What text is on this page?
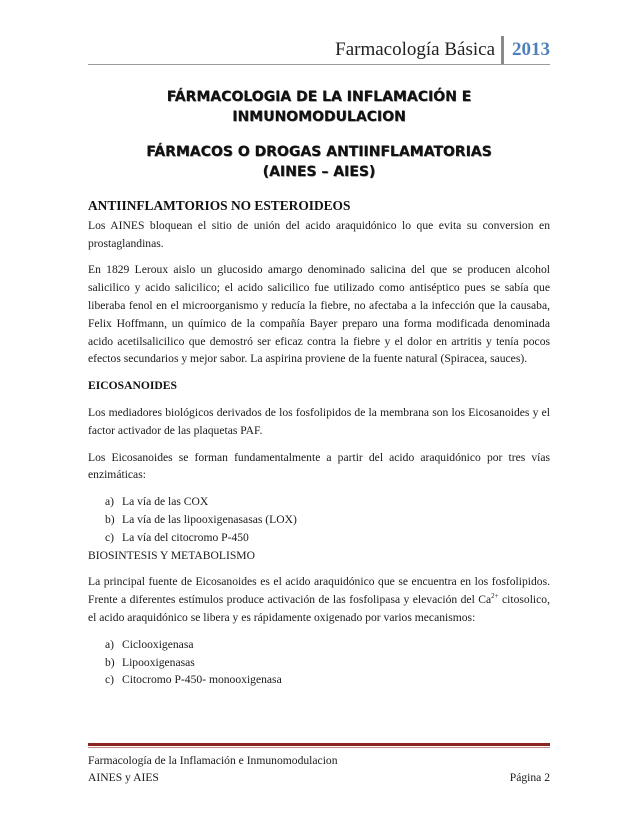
Farmacología Básica 2013
FÁRMACOLOGIA DE LA INFLAMACIÓN E
INMUNOMODULACION
FÁRMACOS O DROGAS ANTIINFLAMATORIAS
(AINES – AIES)
ANTIINFLAMTORIOS NO ESTEROIDEOS

Los AINES bloquean el sitio de unión del acido araquidónico lo que evita su conversion en prostaglandinas.

En 1829 Leroux aislo un glucosido amargo denominado salicina del que se producen alcohol salicilico y acido salicilico; el acido salicilico fue utilizado como antiséptico pues se sabía que liberaba fenol en el microorganismo y reducía la fiebre, no afectaba a la infección que la causaba, Felix Hoffmann, un químico de la compañía Bayer preparo una forma modificada denominada acido acetilsalicilico que demostró ser eficaz contra la fiebre y el dolor en artritis y tenía pocos efectos secundarios y mejor sabor. La aspirina proviene de la fuente natural (Spiracea, sauces).

EICOSANOIDES

Los mediadores biológicos derivados de los fosfolipidos de la membrana son los Eicosanoides y el factor activador de las plaquetas PAF.

Los Eicosanoides se forman fundamentalmente a partir del acido araquidónico por tres vías enzimáticas:

a) La vía de las COX
b) La vía de las lipooxigenasasas (LOX)
c) La vía del citocromo P-450
BIOSINTESIS Y METABOLISMO

La principal fuente de Eicosanoides es el acido araquidónico que se encuentra en los fosfolipidos. Frente a diferentes estímulos produce activación de las fosfolipasa y elevación del $Ca^{2+}$ citosolico, el acido araquidónico se libera y es rápidamente oxigenado por varios mecanismos:

a) Ciclooxigenasa
b) Lipooxigenasas
c) Citocromo P-450- monooxigenasa
Farmacología de la Inflamación e Inmunomodulacion
AINES y AIES	Página 2
